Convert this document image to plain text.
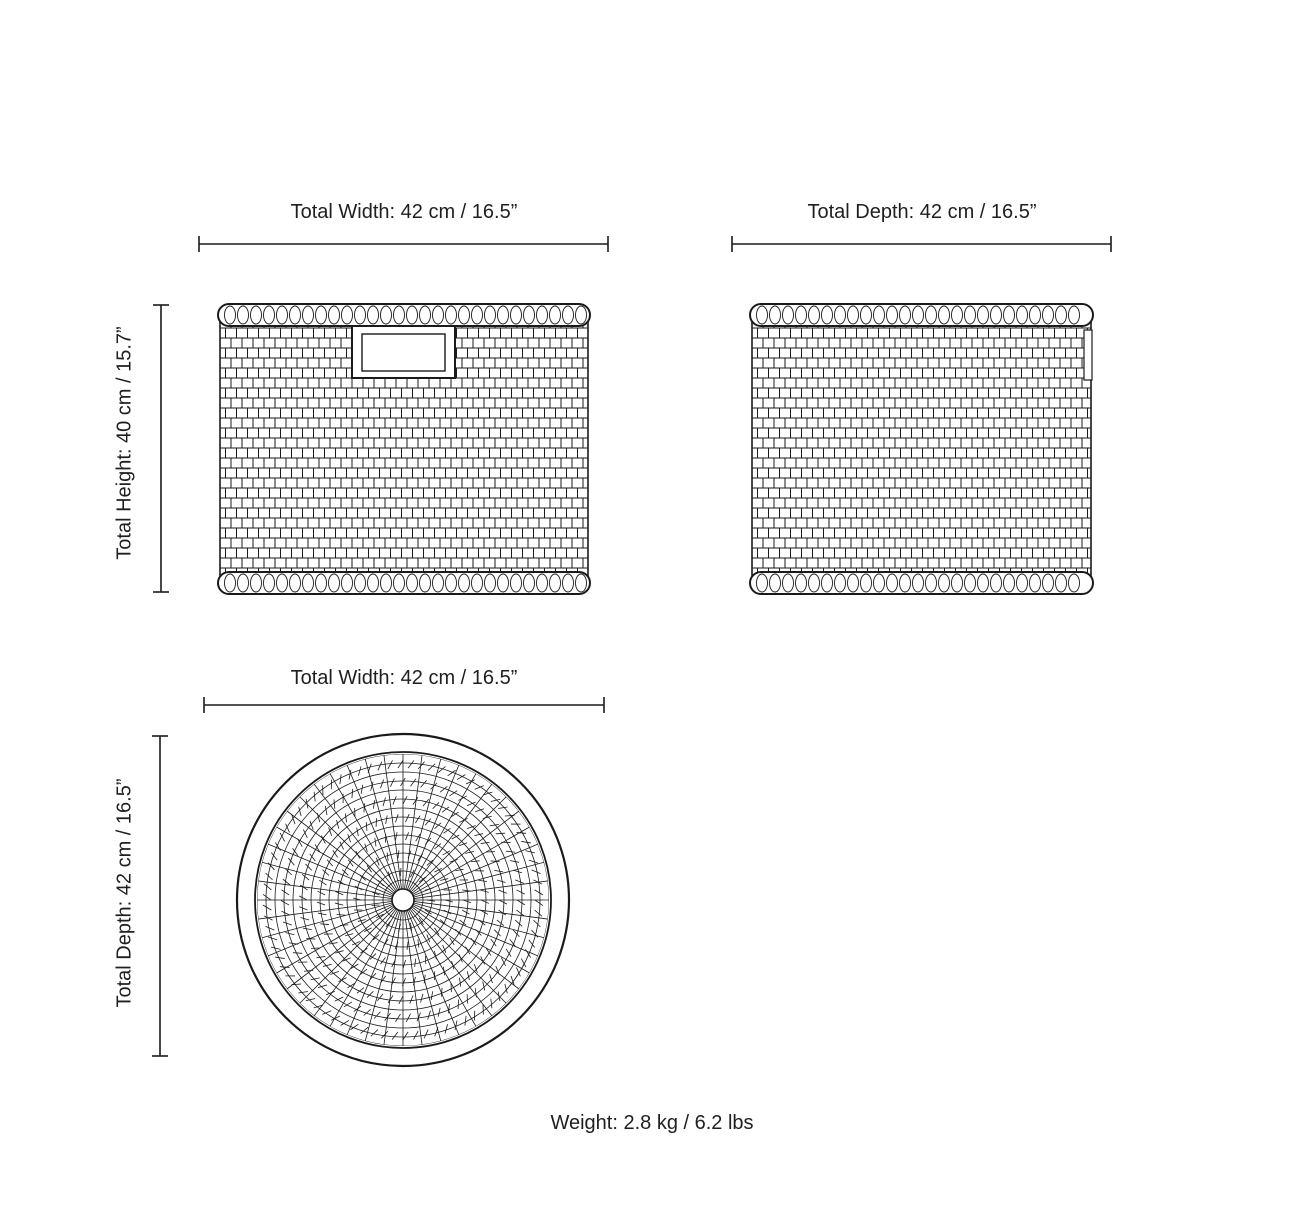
Total Width: 42 cm / 16.5”	Total Depth: 42 cm / 16.5”
Total Height: 40 cm / 15.7”
Total Width: 42 cm / 16.5”
Total Depth: 42 cm / 16.5”
Weight: 2.8 kg / 6.2 lbs
